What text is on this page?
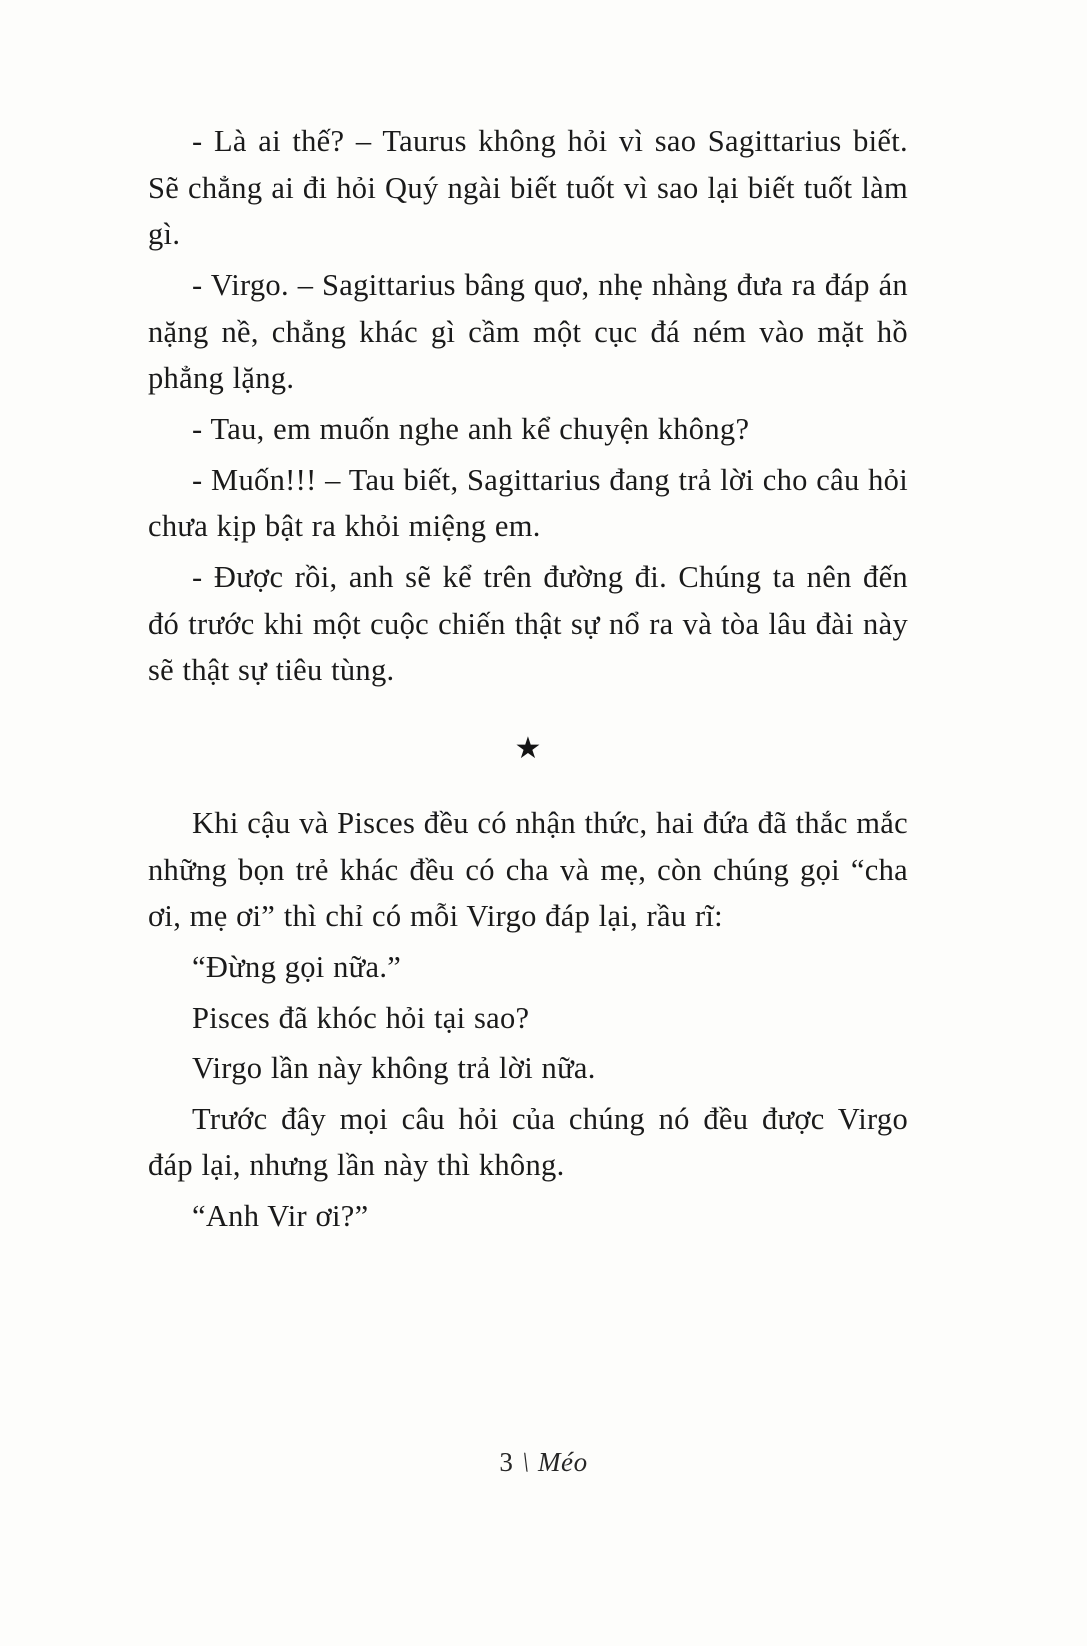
- Là ai thế? – Taurus không hỏi vì sao Sagittarius biết. Sẽ chẳng ai đi hỏi Quý ngài biết tuốt vì sao lại biết tuốt làm gì.

- Virgo. – Sagittarius bâng quơ, nhẹ nhàng đưa ra đáp án nặng nề, chẳng khác gì cầm một cục đá ném vào mặt hồ phẳng lặng.

- Tau, em muốn nghe anh kể chuyện không?

- Muốn!!! – Tau biết, Sagittarius đang trả lời cho câu hỏi chưa kịp bật ra khỏi miệng em.

- Được rồi, anh sẽ kể trên đường đi. Chúng ta nên đến đó trước khi một cuộc chiến thật sự nổ ra và tòa lâu đài này sẽ thật sự tiêu tùng.

★

Khi cậu và Pisces đều có nhận thức, hai đứa đã thắc mắc những bọn trẻ khác đều có cha và mẹ, còn chúng gọi “cha ơi, mẹ ơi” thì chỉ có mỗi Virgo đáp lại, rầu rĩ:

“Đừng gọi nữa.”

Pisces đã khóc hỏi tại sao?

Virgo lần này không trả lời nữa.

Trước đây mọi câu hỏi của chúng nó đều được Virgo đáp lại, nhưng lần này thì không.

“Anh Vir ơi?”

3 \ Méo
